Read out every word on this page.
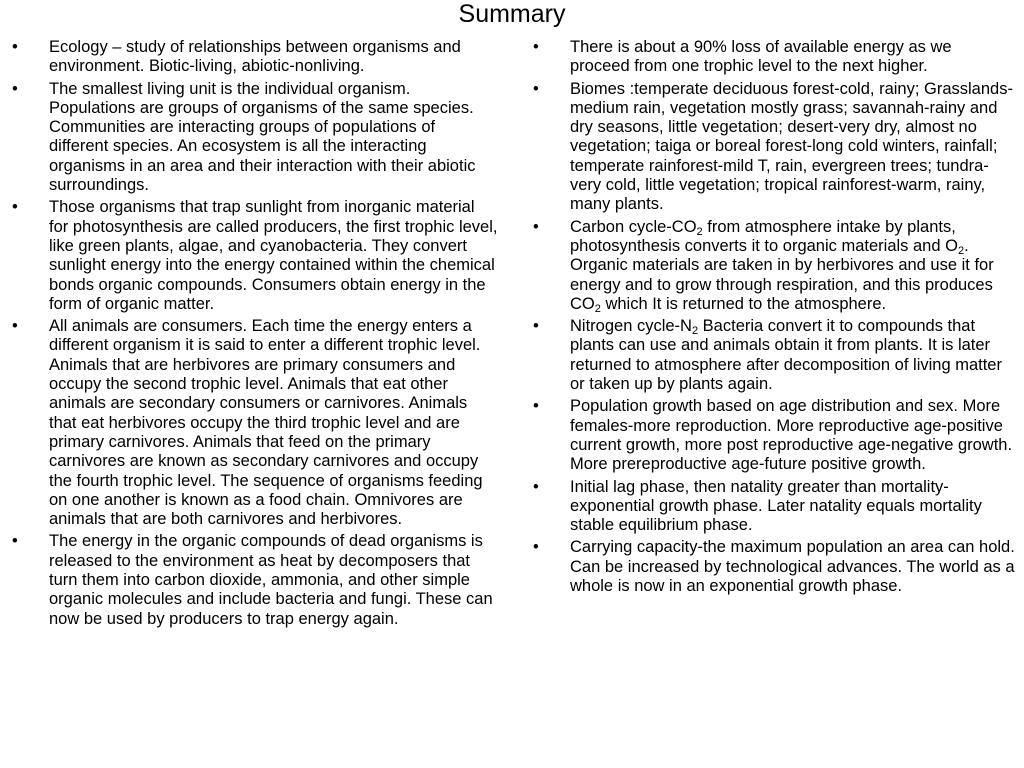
Summary
• Ecology – study of relationships between organisms and environment. Biotic-living, abiotic-nonliving.
• The smallest living unit is the individual organism. Populations are groups of organisms of the same species. Communities are interacting groups of populations of different species. An ecosystem is all the interacting organisms in an area and their interaction with their abiotic surroundings.
• Those organisms that trap sunlight from inorganic material for photosynthesis are called producers, the first trophic level, like green plants, algae, and cyanobacteria. They convert sunlight energy into the energy contained within the chemical bonds organic compounds. Consumers obtain energy in the form of organic matter.
• All animals are consumers. Each time the energy enters a different organism it is said to enter a different trophic level. Animals that are herbivores are primary consumers and occupy the second trophic level. Animals that eat other animals are secondary consumers or carnivores. Animals that eat herbivores occupy the third trophic level and are primary carnivores. Animals that feed on the primary carnivores are known as secondary carnivores and occupy the fourth trophic level. The sequence of organisms feeding on one another is known as a food chain. Omnivores are animals that are both carnivores and herbivores.
• The energy in the organic compounds of dead organisms is released to the environment as heat by decomposers that turn them into carbon dioxide, ammonia, and other simple organic molecules and include bacteria and fungi. These can now be used by producers to trap energy again.
• There is about a 90% loss of available energy as we proceed from one trophic level to the next higher.
• Biomes :temperate deciduous forest-cold, rainy; Grasslands-medium rain, vegetation mostly grass; savannah-rainy and dry seasons, little vegetation; desert-very dry, almost no vegetation; taiga or boreal forest-long cold winters, rainfall; temperate rainforest-mild T, rain, evergreen trees; tundra-very cold, little vegetation; tropical rainforest-warm, rainy, many plants.
• Carbon cycle-$CO_2$ from atmosphere intake by plants, photosynthesis converts it to organic materials and $O_2$. Organic materials are taken in by herbivores and use it for energy and to grow through respiration, and this produces $CO_2$ which It is returned to the atmosphere.
• Nitrogen cycle-$N_2$ Bacteria convert it to compounds that plants can use and animals obtain it from plants. It is later returned to atmosphere after decomposition of living matter or taken up by plants again.
• Population growth based on age distribution and sex. More females-more reproduction. More reproductive age-positive current growth, more post reproductive age-negative growth. More prereproductive age-future positive growth.
• Initial lag phase, then natality greater than mortality- exponential growth phase. Later natality equals mortality stable equilibrium phase.
• Carrying capacity-the maximum population an area can hold. Can be increased by technological advances. The world as a whole is now in an exponential growth phase.
